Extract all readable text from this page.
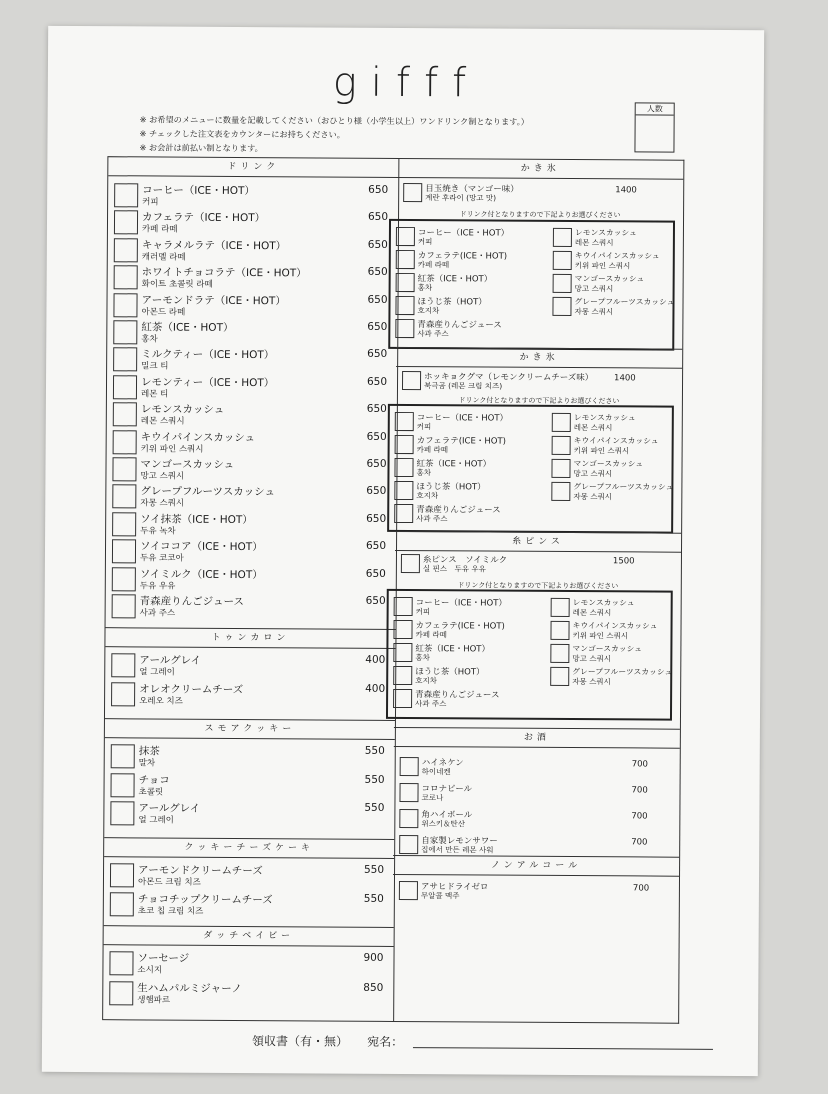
gifff
※ お希望のメニューに数量を記載してください（おひとり様（小学生以上）ワンドリンク制となります。）
※ チェックした注文表をカウンターにお持ちください。
※ お会計は前払い制となります。
人数
ドリンク
コーヒー（ICE・HOT）
커피
650
カフェラテ（ICE・HOT）
카페 라떼
650
キャラメルラテ（ICE・HOT）
캐러멜 라떼
650
ホワイトチョコラテ（ICE・HOT）
화이트 초콜릿 라떼
650
アーモンドラテ（ICE・HOT）
아몬드 라떼
650
紅茶（ICE・HOT）
홍차
650
ミルクティー（ICE・HOT）
밀크 티
650
レモンティー（ICE・HOT）
레몬 티
650
レモンスカッシュ
레몬 스쿼시
650
キウイパインスカッシュ
키위 파인 스쿼시
650
マンゴースカッシュ
망고 스쿼시
650
グレープフルーツスカッシュ
자몽 스쿼시
650
ソイ抹茶（ICE・HOT）
두유 녹차
650
ソイココア（ICE・HOT）
두유 코코아
650
ソイミルク（ICE・HOT）
두유 우유
650
青森産りんごジュース
사과 주스
650
トゥンカロン
アールグレイ
얼 그레이
400
オレオクリームチーズ
오레오 치즈
400
スモアクッキー
抹茶
말차
550
チョコ
초콜릿
550
アールグレイ
얼 그레이
550
クッキーチーズケーキ
アーモンドクリームチーズ
아몬드 크림 치즈
550
チョコチップクリームチーズ
초코 칩 크림 치즈
550
ダッチベイビー
ソーセージ
소시지
900
生ハムパルミジャーノ
생햄파르
850
かき氷
目玉焼き（マンゴー味）
계란 후라이 (망고 맛)
1400
ドリンク付となりますので下記よりお選びください
コーヒー（ICE・HOT）
커피
カフェラテ(ICE・HOT)
카페 라떼
紅茶（ICE・HOT）
홍차
ほうじ茶（HOT）
호지차
青森産りんごジュース
사과 주스
レモンスカッシュ
레몬 스쿼시
キウイパインスカッシュ
키위 파인 스쿼시
マンゴースカッシュ
망고 스쿼시
グレープフルーツスカッシュ
자몽 스쿼시
かき氷
ホッキョクグマ（レモンクリームチーズ味）
북극곰 (레몬 크림 치즈)
1400
ドリンク付となりますので下記よりお選びください
コーヒー（ICE・HOT）
커피
カフェラテ(ICE・HOT)
카페 라떼
紅茶（ICE・HOT）
홍차
ほうじ茶（HOT）
호지차
青森産りんごジュース
사과 주스
レモンスカッシュ
레몬 스쿼시
キウイパインスカッシュ
키위 파인 스쿼시
マンゴースカッシュ
망고 스쿼시
グレープフルーツスカッシュ
자몽 스쿼시
糸ピンス
糸ピンス　ソイミルク
실 핀스　두유 우유
1500
ドリンク付となりますので下記よりお選びください
コーヒー（ICE・HOT）
커피
カフェラテ(ICE・HOT)
카페 라떼
紅茶（ICE・HOT）
홍차
ほうじ茶（HOT）
호지차
青森産りんごジュース
사과 주스
レモンスカッシュ
레몬 스쿼시
キウイパインスカッシュ
키위 파인 스쿼시
マンゴースカッシュ
망고 스쿼시
グレープフルーツスカッシュ
자몽 스쿼시
お酒
ハイネケン
하이네켄
700
コロナビール
코로나
700
角ハイボール
위스키＆탄산
700
自家製レモンサワー
집에서 만든 레몬 사워
700
ノンアルコール
アサヒドライゼロ
무알콜 맥주
700
領収書（有・無） 宛名：
